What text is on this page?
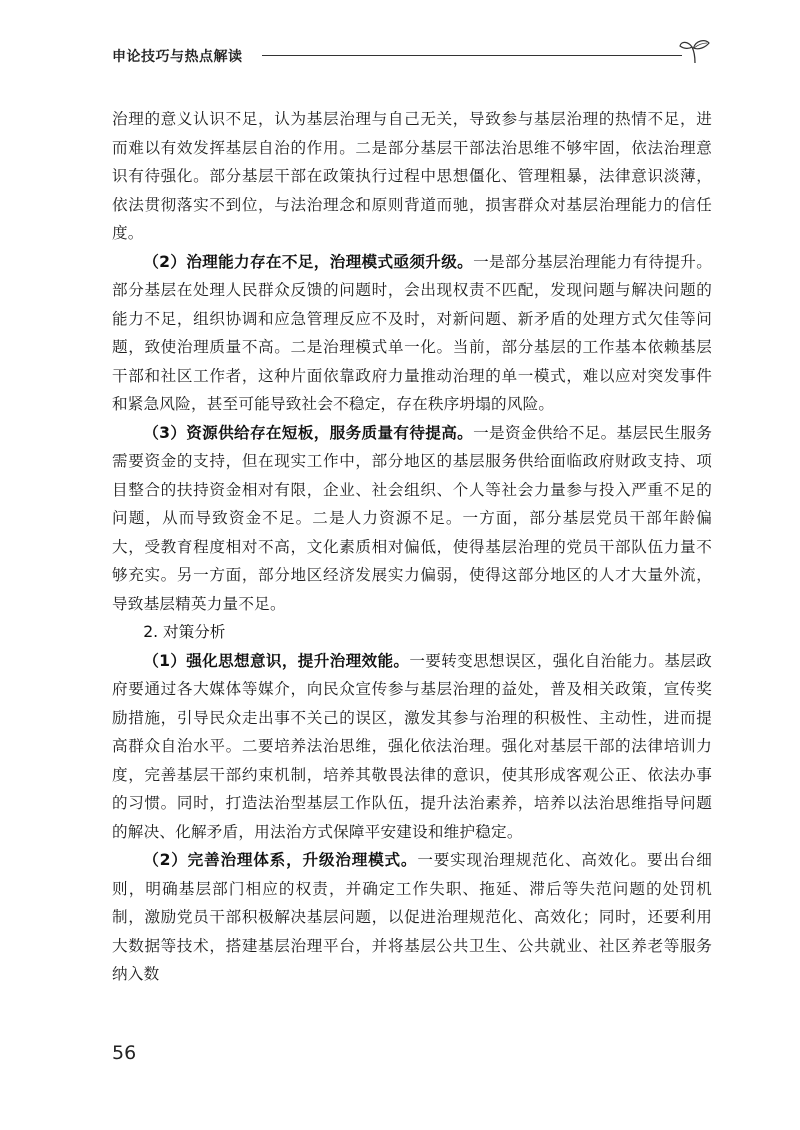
申论技巧与热点解读

治理的意义认识不足，认为基层治理与自己无关，导致参与基层治理的热情不足，进而难以有效发挥基层自治的作用。二是部分基层干部法治思维不够牢固，依法治理意识有待强化。部分基层干部在政策执行过程中思想僵化、管理粗暴，法律意识淡薄，依法贯彻落实不到位，与法治理念和原则背道而驰，损害群众对基层治理能力的信任度。

（2）治理能力存在不足，治理模式亟须升级。一是部分基层治理能力有待提升。部分基层在处理人民群众反馈的问题时，会出现权责不匹配，发现问题与解决问题的能力不足，组织协调和应急管理反应不及时，对新问题、新矛盾的处理方式欠佳等问题，致使治理质量不高。二是治理模式单一化。当前，部分基层的工作基本依赖基层干部和社区工作者，这种片面依靠政府力量推动治理的单一模式，难以应对突发事件和紧急风险，甚至可能导致社会不稳定，存在秩序坍塌的风险。

（3）资源供给存在短板，服务质量有待提高。一是资金供给不足。基层民生服务需要资金的支持，但在现实工作中，部分地区的基层服务供给面临政府财政支持、项目整合的扶持资金相对有限，企业、社会组织、个人等社会力量参与投入严重不足的问题，从而导致资金不足。二是人力资源不足。一方面，部分基层党员干部年龄偏大，受教育程度相对不高，文化素质相对偏低，使得基层治理的党员干部队伍力量不够充实。另一方面，部分地区经济发展实力偏弱，使得这部分地区的人才大量外流，导致基层精英力量不足。

2. 对策分析

（1）强化思想意识，提升治理效能。一要转变思想误区，强化自治能力。基层政府要通过各大媒体等媒介，向民众宣传参与基层治理的益处，普及相关政策，宣传奖励措施，引导民众走出事不关己的误区，激发其参与治理的积极性、主动性，进而提高群众自治水平。二要培养法治思维，强化依法治理。强化对基层干部的法律培训力度，完善基层干部约束机制，培养其敬畏法律的意识，使其形成客观公正、依法办事的习惯。同时，打造法治型基层工作队伍，提升法治素养，培养以法治思维指导问题的解决、化解矛盾，用法治方式保障平安建设和维护稳定。

（2）完善治理体系，升级治理模式。一要实现治理规范化、高效化。要出台细则，明确基层部门相应的权责，并确定工作失职、拖延、滞后等失范问题的处罚机制，激励党员干部积极解决基层问题，以促进治理规范化、高效化；同时，还要利用大数据等技术，搭建基层治理平台，并将基层公共卫生、公共就业、社区养老等服务纳入数

56
